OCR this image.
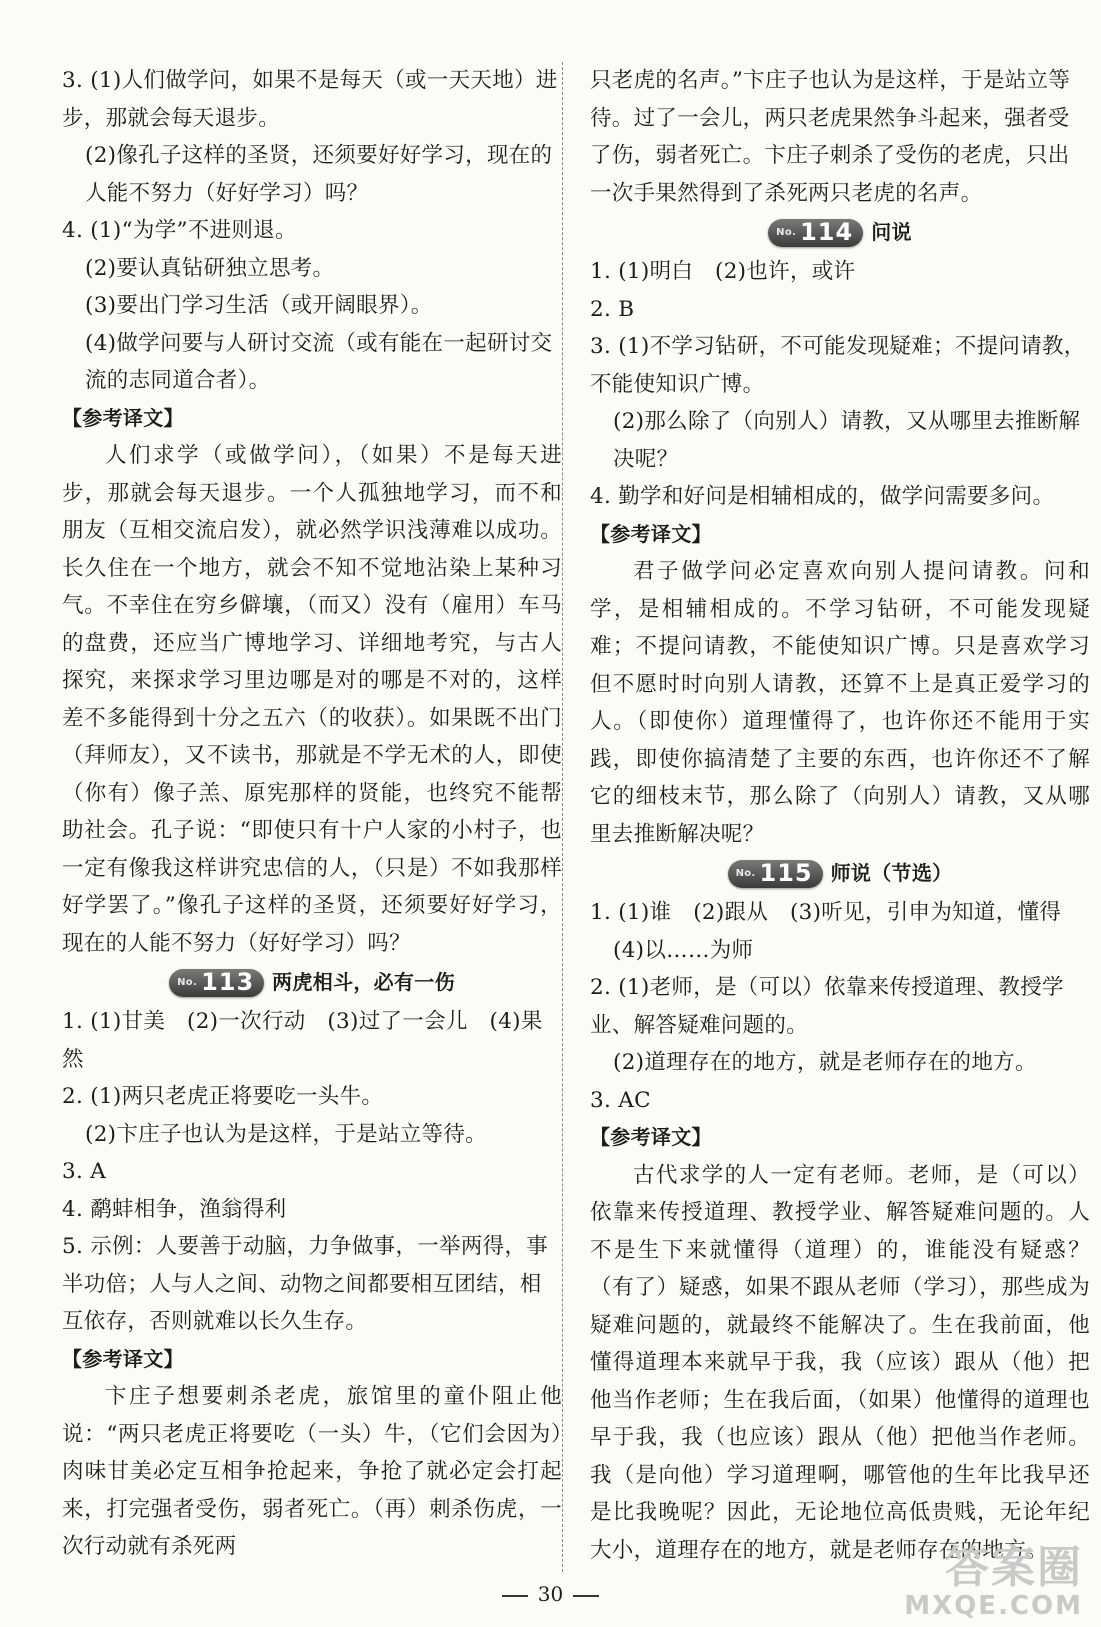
3. (1)人们做学问，如果不是每天（或一天天地）进步，那就会每天退步。

(2)像孔子这样的圣贤，还须要好好学习，现在的人能不努力（好好学习）吗？

4. (1)“为学”不进则退。

(2)要认真钻研独立思考。

(3)要出门学习生活（或开阔眼界）。

(4)做学问要与人研讨交流（或有能在一起研讨交流的志同道合者）。

【参考译文】

人们求学（或做学问），（如果）不是每天进步，那就会每天退步。一个人孤独地学习，而不和朋友（互相交流启发），就必然学识浅薄难以成功。长久住在一个地方，就会不知不觉地沾染上某种习气。不幸住在穷乡僻壤，（而又）没有（雇用）车马的盘费，还应当广博地学习、详细地考究，与古人探究，来探求学习里边哪是对的哪是不对的，这样差不多能得到十分之五六（的收获）。如果既不出门（拜师友），又不读书，那就是不学无术的人，即使（你有）像子羔、原宪那样的贤能，也终究不能帮助社会。孔子说：“即使只有十户人家的小村子，也一定有像我这样讲究忠信的人，（只是）不如我那样好学罢了。”像孔子这样的圣贤，还须要好好学习，现在的人能不努力（好好学习）吗？

No. 113 两虎相斗，必有一伤

1. (1)甘美　(2)一次行动　(3)过了一会儿　(4)果然

2. (1)两只老虎正将要吃一头牛。

(2)卞庄子也认为是这样，于是站立等待。

3. A

4. 鹬蚌相争，渔翁得利

5. 示例：人要善于动脑，力争做事，一举两得，事半功倍；人与人之间、动物之间都要相互团结，相互依存，否则就难以长久生存。

【参考译文】

卞庄子想要刺杀老虎，旅馆里的童仆阻止他说：“两只老虎正将要吃（一头）牛，（它们会因为）肉味甘美必定互相争抢起来，争抢了就必定会打起来，打完强者受伤，弱者死亡。（再）刺杀伤虎，一次行动就有杀死两

只老虎的名声。”卞庄子也认为是这样，于是站立等待。过了一会儿，两只老虎果然争斗起来，强者受了伤，弱者死亡。卞庄子刺杀了受伤的老虎，只出一次手果然得到了杀死两只老虎的名声。

No. 114 问说

1. (1)明白　(2)也许，或许

2. B

3. (1)不学习钻研，不可能发现疑难；不提问请教，不能使知识广博。

(2)那么除了（向别人）请教，又从哪里去推断解决呢？

4. 勤学和好问是相辅相成的，做学问需要多问。

【参考译文】

君子做学问必定喜欢向别人提问请教。问和学，是相辅相成的。不学习钻研，不可能发现疑难；不提问请教，不能使知识广博。只是喜欢学习但不愿时时向别人请教，还算不上是真正爱学习的人。（即使你）道理懂得了，也许你还不能用于实践，即使你搞清楚了主要的东西，也许你还不了解它的细枝末节，那么除了（向别人）请教，又从哪里去推断解决呢？

No. 115 师说（节选）

1. (1)谁　(2)跟从　(3)听见，引申为知道，懂得

(4)以……为师

2. (1)老师，是（可以）依靠来传授道理、教授学业、解答疑难问题的。

(2)道理存在的地方，就是老师存在的地方。

3. AC

【参考译文】

古代求学的人一定有老师。老师，是（可以）依靠来传授道理、教授学业、解答疑难问题的。人不是生下来就懂得（道理）的，谁能没有疑惑？（有了）疑惑，如果不跟从老师（学习），那些成为疑难问题的，就最终不能解决了。生在我前面，他懂得道理本来就早于我，我（应该）跟从（他）把他当作老师；生在我后面，（如果）他懂得的道理也早于我，我（也应该）跟从（他）把他当作老师。我（是向他）学习道理啊，哪管他的生年比我早还是比我晚呢？因此，无论地位高低贵贱，无论年纪大小，道理存在的地方，就是老师存在的地方。

30
答案圈
MXQE.COM
